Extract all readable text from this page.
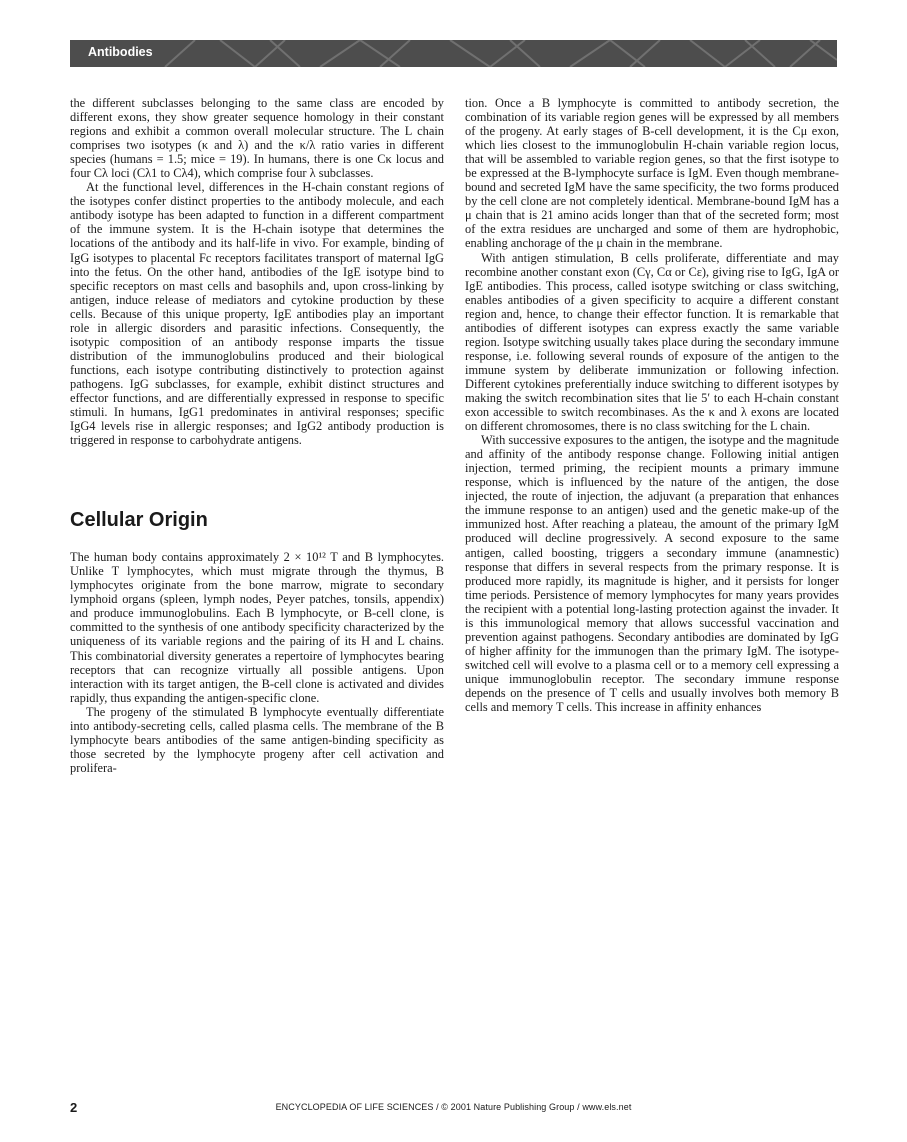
Antibodies

the different subclasses belonging to the same class are encoded by different exons, they show greater sequence homology in their constant regions and exhibit a common overall molecular structure. The L chain comprises two isotypes (κ and λ) and the κ/λ ratio varies in different species (humans = 1.5; mice = 19). In humans, there is one Cκ locus and four Cλ loci (Cλ1 to Cλ4), which comprise four λ subclasses.

At the functional level, differences in the H-chain constant regions of the isotypes confer distinct properties to the antibody molecule, and each antibody isotype has been adapted to function in a different compartment of the immune system. It is the H-chain isotype that determines the locations of the antibody and its half-life in vivo. For example, binding of IgG isotypes to placental Fc receptors facilitates transport of maternal IgG into the fetus. On the other hand, antibodies of the IgE isotype bind to specific receptors on mast cells and basophils and, upon cross-linking by antigen, induce release of mediators and cytokine production by these cells. Because of this unique property, IgE antibodies play an important role in allergic disorders and parasitic infections. Consequently, the isotypic composition of an antibody response imparts the tissue distribution of the immunoglobulins produced and their biological functions, each isotype contributing distinctively to protection against pathogens. IgG subclasses, for example, exhibit distinct structures and effector functions, and are differentially expressed in response to specific stimuli. In humans, IgG1 predominates in antiviral responses; specific IgG4 levels rise in allergic responses; and IgG2 antibody production is triggered in response to carbohydrate antigens.

Cellular Origin

The human body contains approximately 2 × 10¹² T and B lymphocytes. Unlike T lymphocytes, which must migrate through the thymus, B lymphocytes originate from the bone marrow, migrate to secondary lymphoid organs (spleen, lymph nodes, Peyer patches, tonsils, appendix) and produce immunoglobulins. Each B lymphocyte, or B-cell clone, is committed to the synthesis of one antibody specificity characterized by the uniqueness of its variable regions and the pairing of its H and L chains. This combinatorial diversity generates a repertoire of lymphocytes bearing receptors that can recognize virtually all possible antigens. Upon interaction with its target antigen, the B-cell clone is activated and divides rapidly, thus expanding the antigen-specific clone.

The progeny of the stimulated B lymphocyte eventually differentiate into antibody-secreting cells, called plasma cells. The membrane of the B lymphocyte bears antibodies of the same antigen-binding specificity as those secreted by the lymphocyte progeny after cell activation and prolifera-

tion. Once a B lymphocyte is committed to antibody secretion, the combination of its variable region genes will be expressed by all members of the progeny. At early stages of B-cell development, it is the Cμ exon, which lies closest to the immunoglobulin H-chain variable region locus, that will be assembled to variable region genes, so that the first isotype to be expressed at the B-lymphocyte surface is IgM. Even though membrane-bound and secreted IgM have the same specificity, the two forms produced by the cell clone are not completely identical. Membrane-bound IgM has a μ chain that is 21 amino acids longer than that of the secreted form; most of the extra residues are uncharged and some of them are hydrophobic, enabling anchorage of the μ chain in the membrane.

With antigen stimulation, B cells proliferate, differentiate and may recombine another constant exon (Cγ, Cα or Cε), giving rise to IgG, IgA or IgE antibodies. This process, called isotype switching or class switching, enables antibodies of a given specificity to acquire a different constant region and, hence, to change their effector function. It is remarkable that antibodies of different isotypes can express exactly the same variable region. Isotype switching usually takes place during the secondary immune response, i.e. following several rounds of exposure of the antigen to the immune system by deliberate immunization or following infection. Different cytokines preferentially induce switching to different isotypes by making the switch recombination sites that lie 5′ to each H-chain constant exon accessible to switch recombinases. As the κ and λ exons are located on different chromosomes, there is no class switching for the L chain.

With successive exposures to the antigen, the isotype and the magnitude and affinity of the antibody response change. Following initial antigen injection, termed priming, the recipient mounts a primary immune response, which is influenced by the nature of the antigen, the dose injected, the route of injection, the adjuvant (a preparation that enhances the immune response to an antigen) used and the genetic make-up of the immunized host. After reaching a plateau, the amount of the primary IgM produced will decline progressively. A second exposure to the same antigen, called boosting, triggers a secondary immune (anamnestic) response that differs in several respects from the primary response. It is produced more rapidly, its magnitude is higher, and it persists for longer time periods. Persistence of memory lymphocytes for many years provides the recipient with a potential long-lasting protection against the invader. It is this immunological memory that allows successful vaccination and prevention against pathogens. Secondary antibodies are dominated by IgG of higher affinity for the immunogen than the primary IgM. The isotype-switched cell will evolve to a plasma cell or to a memory cell expressing a unique immunoglobulin receptor. The secondary immune response depends on the presence of T cells and usually involves both memory B cells and memory T cells. This increase in affinity enhances

2	ENCYCLOPEDIA OF LIFE SCIENCES / © 2001 Nature Publishing Group / www.els.net
